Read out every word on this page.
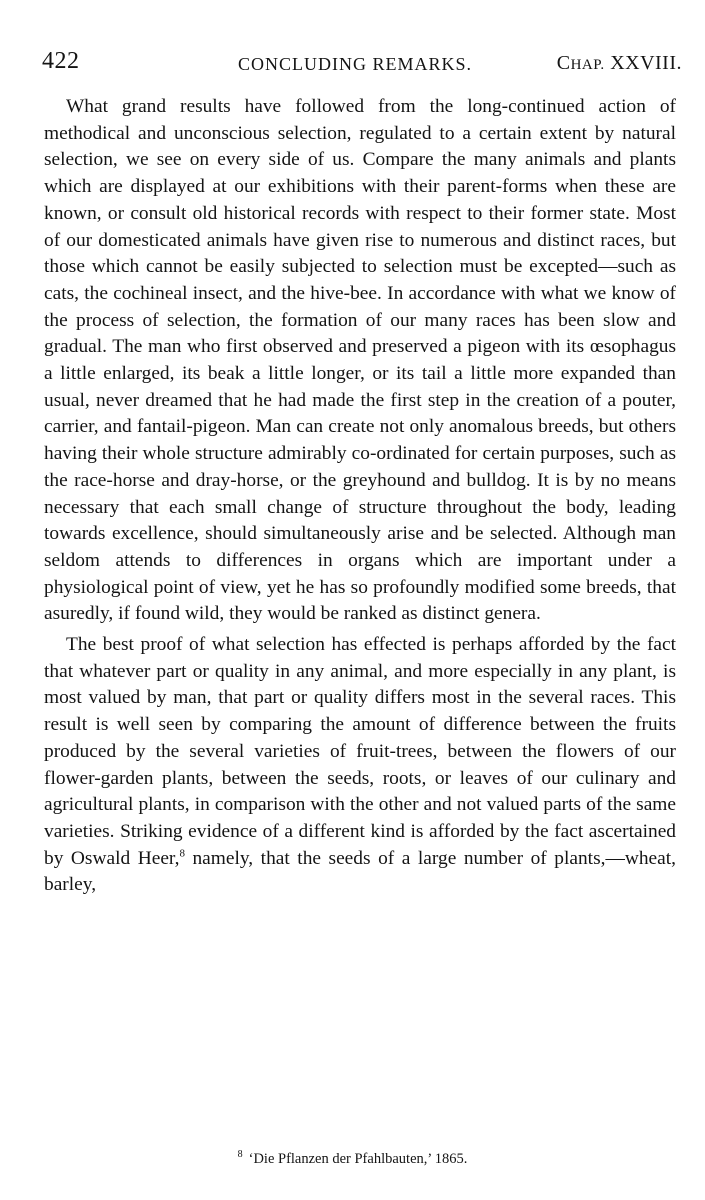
422	CONCLUDING REMARKS.	CHAP. XXVIII.

What grand results have followed from the long-continued action of methodical and unconscious selection, regulated to a certain extent by natural selection, we see on every side of us. Compare the many animals and plants which are displayed at our exhibitions with their parent-forms when these are known, or consult old historical records with respect to their former state. Most of our domesticated animals have given rise to numerous and distinct races, but those which cannot be easily subjected to selection must be excepted—such as cats, the cochineal insect, and the hive-bee. In accordance with what we know of the process of selection, the formation of our many races has been slow and gradual. The man who first observed and preserved a pigeon with its œsophagus a little enlarged, its beak a little longer, or its tail a little more expanded than usual, never dreamed that he had made the first step in the creation of a pouter, carrier, and fantail-pigeon. Man can create not only anomalous breeds, but others having their whole structure admirably co-ordinated for certain purposes, such as the race-horse and dray-horse, or the greyhound and bulldog. It is by no means necessary that each small change of structure throughout the body, leading towards excellence, should simultaneously arise and be selected. Although man seldom attends to differences in organs which are important under a physiological point of view, yet he has so profoundly modified some breeds, that asuredly, if found wild, they would be ranked as distinct genera.

The best proof of what selection has effected is perhaps afforded by the fact that whatever part or quality in any animal, and more especially in any plant, is most valued by man, that part or quality differs most in the several races. This result is well seen by comparing the amount of difference between the fruits produced by the several varieties of fruit-trees, between the flowers of our flower-garden plants, between the seeds, roots, or leaves of our culinary and agricultural plants, in comparison with the other and not valued parts of the same varieties. Striking evidence of a different kind is afforded by the fact ascertained by Oswald Heer,$^8$ namely, that the seeds of a large number of plants,—wheat, barley,

$^8$ ‘Die Pflanzen der Pfahlbauten,’ 1865.
